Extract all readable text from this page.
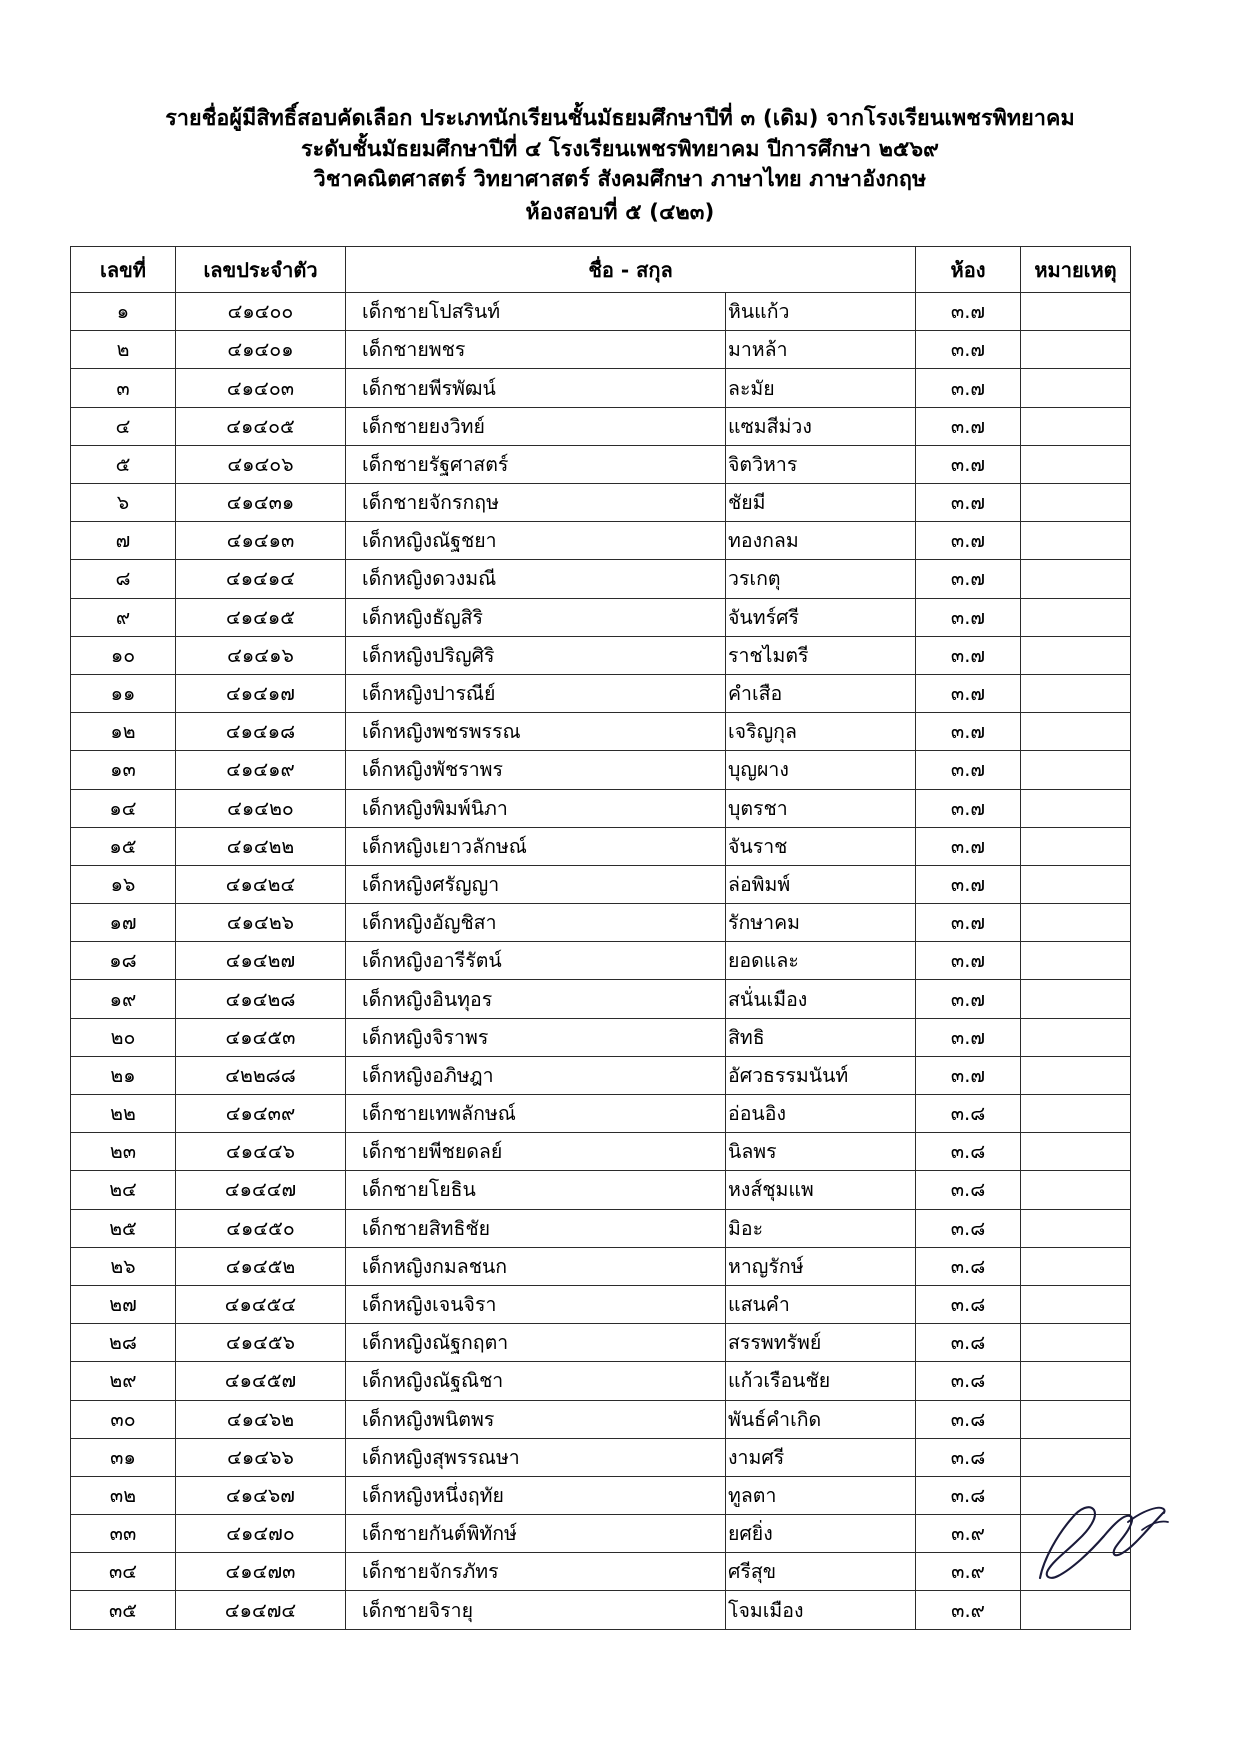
รายชื่อผู้มีสิทธิ์สอบคัดเลือก ประเภทนักเรียนชั้นมัธยมศึกษาปีที่ ๓ (เดิม) จากโรงเรียนเพชรพิทยาคม
ระดับชั้นมัธยมศึกษาปีที่ ๔ โรงเรียนเพชรพิทยาคม ปีการศึกษา ๒๕๖๙
วิชาคณิตศาสตร์ วิทยาศาสตร์ สังคมศึกษา ภาษาไทย ภาษาอังกฤษ
ห้องสอบที่ ๕ (๔๒๓)
เลขที่	เลขประจำตัว	ชื่อ - สกุล		ห้อง	หมายเหตุ
๑	๔๑๔๐๐	เด็กชายโปสรินท์	หินแก้ว	๓.๗	
๒	๔๑๔๐๑	เด็กชายพชร	มาหล้า	๓.๗	
๓	๔๑๔๐๓	เด็กชายพีรพัฒน์	ละมัย	๓.๗	
๔	๔๑๔๐๕	เด็กชายยงวิทย์	แซมสีม่วง	๓.๗	
๕	๔๑๔๐๖	เด็กชายรัฐศาสตร์	จิตวิหาร	๓.๗	
๖	๔๑๔๓๑	เด็กชายจักรกฤษ	ชัยมี	๓.๗	
๗	๔๑๔๑๓	เด็กหญิงณัฐชยา	ทองกลม	๓.๗	
๘	๔๑๔๑๔	เด็กหญิงดวงมณี	วรเกตุ	๓.๗	
๙	๔๑๔๑๕	เด็กหญิงธัญสิริ	จันทร์ศรี	๓.๗	
๑๐	๔๑๔๑๖	เด็กหญิงปริญศิริ	ราชไมตรี	๓.๗	
๑๑	๔๑๔๑๗	เด็กหญิงปารณีย์	คำเสือ	๓.๗	
๑๒	๔๑๔๑๘	เด็กหญิงพชรพรรณ	เจริญกุล	๓.๗	
๑๓	๔๑๔๑๙	เด็กหญิงพัชราพร	บุญผาง	๓.๗	
๑๔	๔๑๔๒๐	เด็กหญิงพิมพ์นิภา	บุตรชา	๓.๗	
๑๕	๔๑๔๒๒	เด็กหญิงเยาวลักษณ์	จันราช	๓.๗	
๑๖	๔๑๔๒๔	เด็กหญิงศรัญญา	ล่อพิมพ์	๓.๗	
๑๗	๔๑๔๒๖	เด็กหญิงอัญชิสา	รักษาคม	๓.๗	
๑๘	๔๑๔๒๗	เด็กหญิงอารีรัตน์	ยอดและ	๓.๗	
๑๙	๔๑๔๒๘	เด็กหญิงอินทุอร	สนั่นเมือง	๓.๗	
๒๐	๔๑๔๕๓	เด็กหญิงจิราพร	สิทธิ	๓.๗	
๒๑	๔๒๒๘๘	เด็กหญิงอภิษฎา	อัศวธรรมนันท์	๓.๗	
๒๒	๔๑๔๓๙	เด็กชายเทพลักษณ์	อ่อนอิง	๓.๘	
๒๓	๔๑๔๔๖	เด็กชายพีชยดลย์	นิลพร	๓.๘	
๒๔	๔๑๔๔๗	เด็กชายโยธิน	หงส์ชุมแพ	๓.๘	
๒๕	๔๑๔๕๐	เด็กชายสิทธิชัย	มิอะ	๓.๘	
๒๖	๔๑๔๕๒	เด็กหญิงกมลชนก	หาญรักษ์	๓.๘	
๒๗	๔๑๔๕๔	เด็กหญิงเจนจิรา	แสนคำ	๓.๘	
๒๘	๔๑๔๕๖	เด็กหญิงณัฐกฤตา	สรรพทรัพย์	๓.๘	
๒๙	๔๑๔๕๗	เด็กหญิงณัฐณิชา	แก้วเรือนชัย	๓.๘	
๓๐	๔๑๔๖๒	เด็กหญิงพนิตพร	พันธ์คำเกิด	๓.๘	
๓๑	๔๑๔๖๖	เด็กหญิงสุพรรณษา	งามศรี	๓.๘	
๓๒	๔๑๔๖๗	เด็กหญิงหนึ่งฤทัย	ทูลตา	๓.๘	
๓๓	๔๑๔๗๐	เด็กชายกันต์พิทักษ์	ยศยิ่ง	๓.๙	
๓๔	๔๑๔๗๓	เด็กชายจักรภัทร	ศรีสุข	๓.๙	
๓๕	๔๑๔๗๔	เด็กชายจิรายุ	โจมเมือง	๓.๙	
